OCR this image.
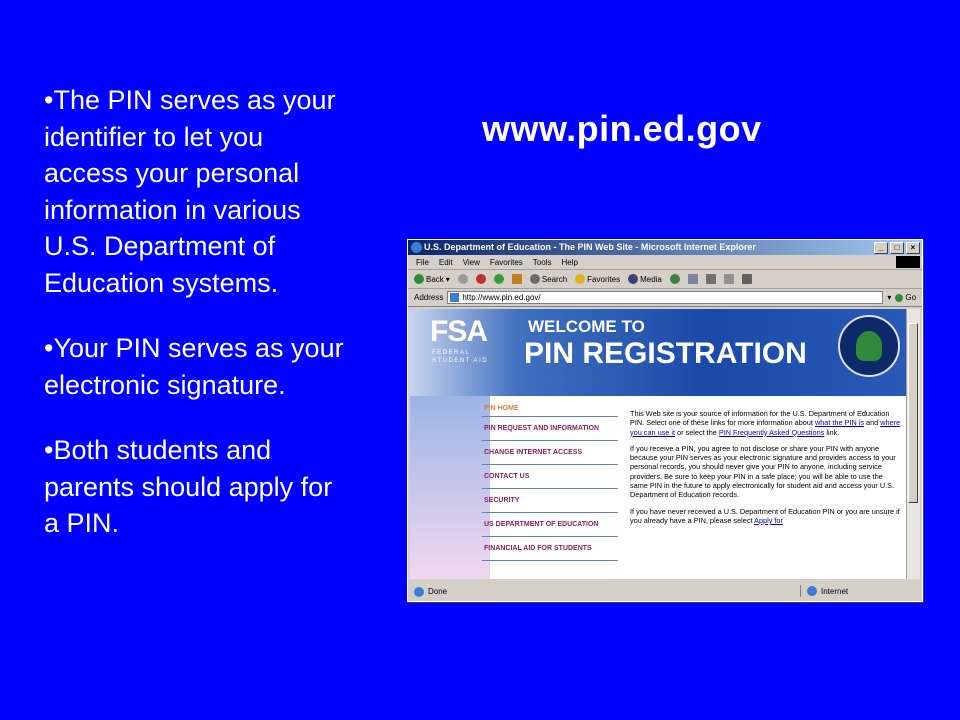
•The PIN serves as your identifier to let you access your personal information in various U.S. Department of Education systems.

•Your PIN serves as your electronic signature.

•Both students and parents should apply for a PIN.

www.pin.ed.gov
U.S. Department of Education - The PIN Web Site - Microsoft Internet Explorer	_	□	×
File Edit View Favorites Tools Help
Back ▾	Search	Favorites	Media
Address	http://www.pin.ed.gov/	▾ Go
FSA
FEDERAL STUDENT AID
WELCOME TO
PIN REGISTRATION
PIN HOME
PIN REQUEST AND INFORMATION
CHANGE INTERNET ACCESS
CONTACT US
SECURITY
US DEPARTMENT OF EDUCATION
FINANCIAL AID FOR STUDENTS

This Web site is your source of information for the U.S. Department of Education PIN. Select one of these links for more information about what the PIN is and where you can use it or select the PIN Frequently Asked Questions link.

If you receive a PIN, you agree to not disclose or share your PIN with anyone because your PIN serves as your electronic signature and provides access to your personal records, you should never give your PIN to anyone, including service providers. Be sure to keep your PIN in a safe place; you will be able to use the same PIN in the future to apply electronically for student aid and access your U.S. Department of Education records.

If you have never received a U.S. Department of Education PIN or you are unsure if you already have a PIN, please select Apply for

Done	Internet
